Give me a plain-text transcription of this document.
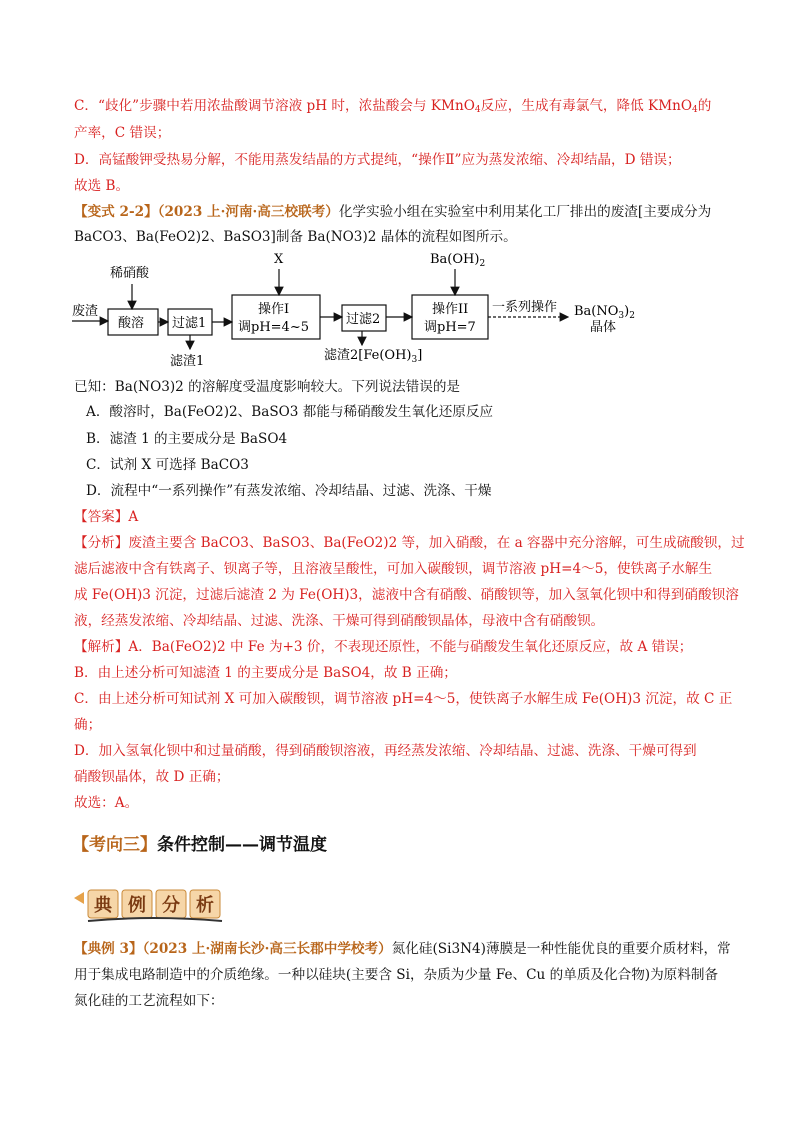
C．“歧化”步骤中若用浓盐酸调节溶液 pH 时，浓盐酸会与 KMnO$_4$反应，生成有毒氯气，降低 KMnO$_4$的
产率，C 错误；
D．高锰酸钾受热易分解，不能用蒸发结晶的方式提纯，“操作Ⅱ”应为蒸发浓缩、冷却结晶，D 错误；
故选 B。
【变式 2-2】（2023 上·河南·高三校联考）化学实验小组在实验室中利用某化工厂排出的废渣[主要成分为
BaCO3、Ba(FeO2)2、BaSO3]制备 Ba(NO3)2 晶体的流程如图所示。
废渣
稀硝酸
酸溶 过滤1
滤渣1
X
操作I
调pH=4~5
过滤2
滤渣$2[Fe(OH)_3]$
$Ba(OH)_2$
操作II
调pH=7
一系列操作 $Ba(NO_3)_2$
晶体
已知：Ba(NO3)2 的溶解度受温度影响较大。下列说法错误的是
A．酸溶时，Ba(FeO2)2、BaSO3 都能与稀硝酸发生氧化还原反应
B．滤渣 1 的主要成分是 BaSO4
C．试剂 X 可选择 BaCO3
D．流程中“一系列操作”有蒸发浓缩、冷却结晶、过滤、洗涤、干燥
【答案】A
【分析】废渣主要含 BaCO3、BaSO3、Ba(FeO2)2 等，加入硝酸，在 a 容器中充分溶解，可生成硫酸钡，过
滤后滤液中含有铁离子、钡离子等，且溶液呈酸性，可加入碳酸钡，调节溶液 pH=4～5，使铁离子水解生
成 Fe(OH)3 沉淀，过滤后滤渣 2 为 Fe(OH)3，滤液中含有硝酸、硝酸钡等，加入氢氧化钡中和得到硝酸钡溶
液，经蒸发浓缩、冷却结晶、过滤、洗涤、干燥可得到硝酸钡晶体，母液中含有硝酸钡。
【解析】A．Ba(FeO2)2 中 Fe 为+3 价，不表现还原性，不能与硝酸发生氧化还原反应，故 A 错误；
B．由上述分析可知滤渣 1 的主要成分是 BaSO4，故 B 正确；
C．由上述分析可知试剂 X 可加入碳酸钡，调节溶液 pH=4～5，使铁离子水解生成 Fe(OH)3 沉淀，故 C 正
确；
D．加入氢氧化钡中和过量硝酸，得到硝酸钡溶液，再经蒸发浓缩、冷却结晶、过滤、洗涤、干燥可得到
硝酸钡晶体，故 D 正确；
故选：A。
【考向三】条件控制——调节温度
典 例 分 析
【典例 3】（2023 上·湖南长沙·高三长郡中学校考）氮化硅(Si3N4)薄膜是一种性能优良的重要介质材料，常
用于集成电路制造中的介质绝缘。一种以硅块(主要含 Si，杂质为少量 Fe、Cu 的单质及化合物)为原料制备
氮化硅的工艺流程如下：
